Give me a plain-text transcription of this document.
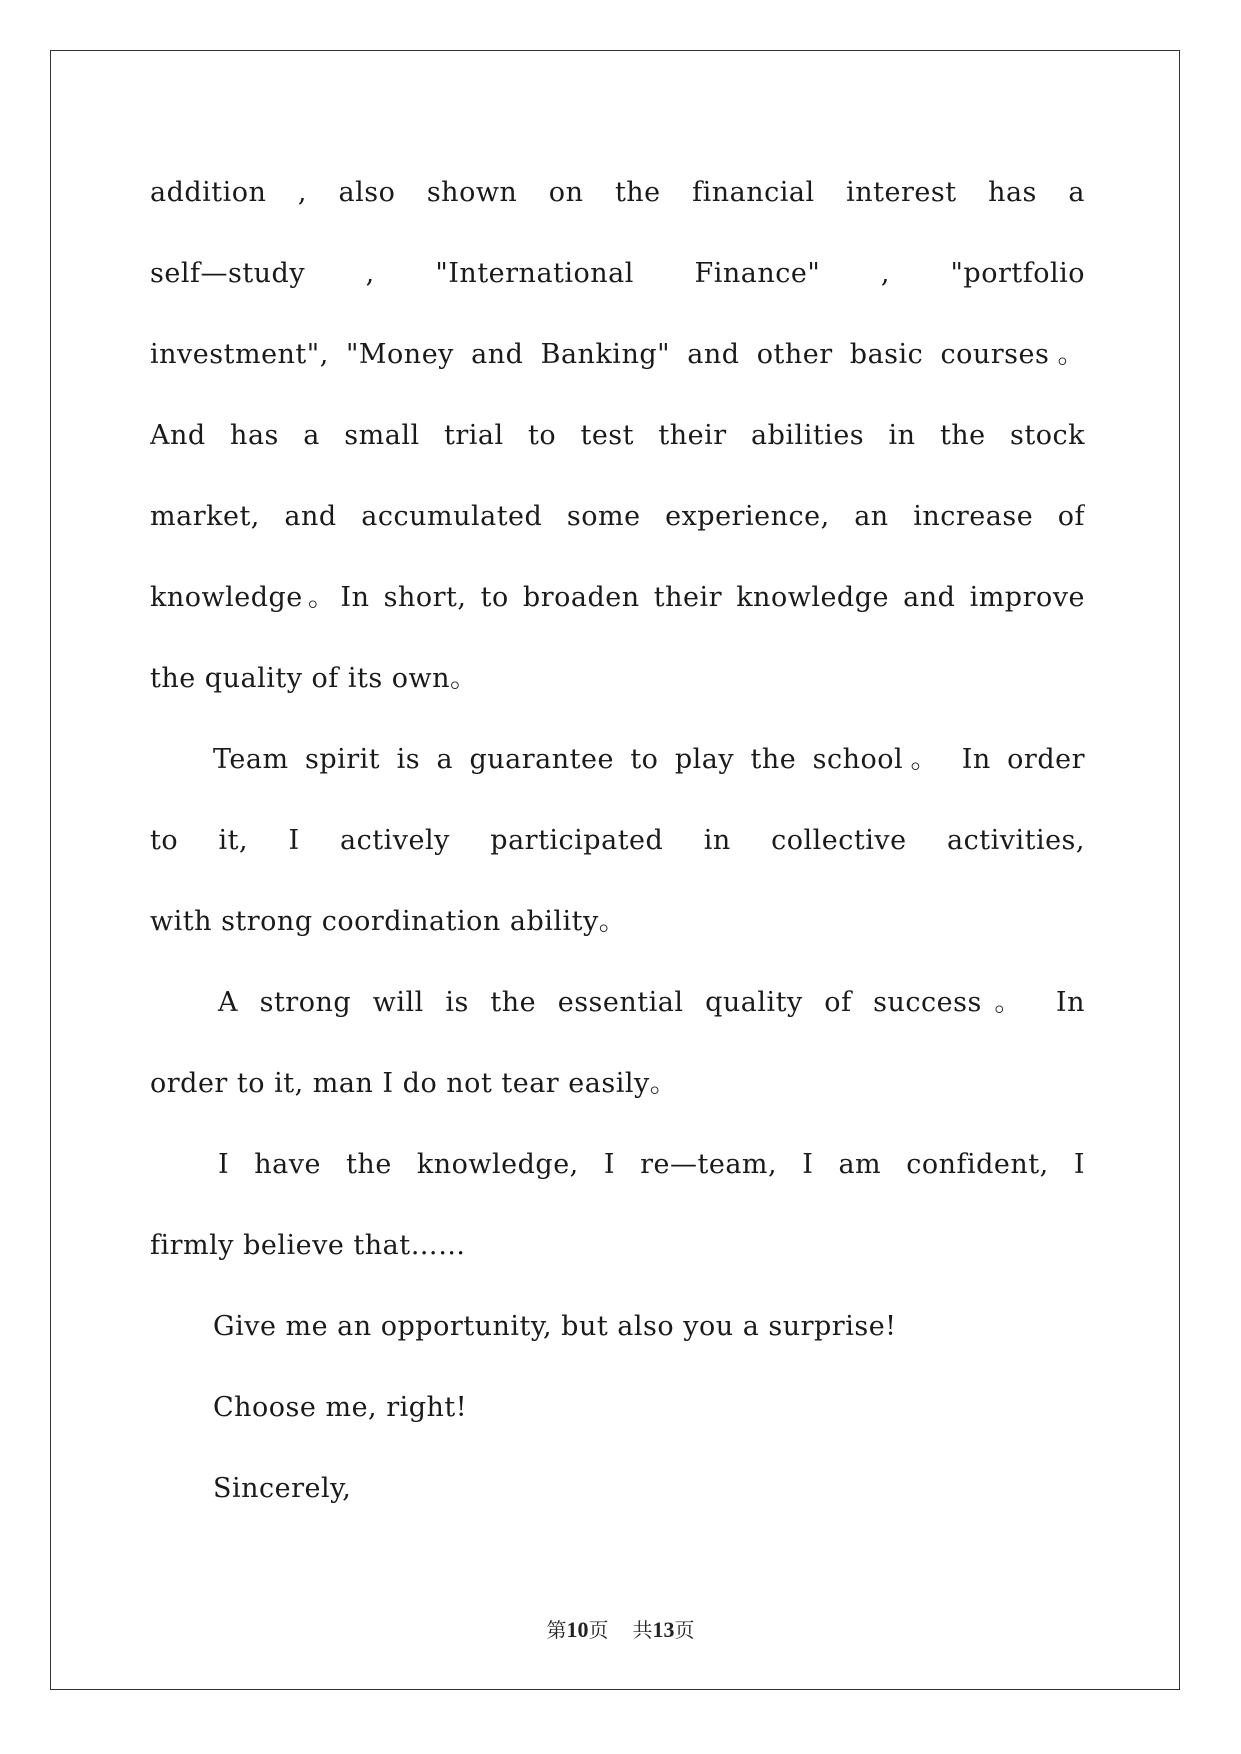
addition , also shown on the financial interest has a
self—study , "International Finance" , "portfolio
investment", "Money and Banking" and other basic courses。
And has a small trial to test their abilities in the stock
market, and accumulated some experience, an increase of
knowledge。In short, to broaden their knowledge and improve
the quality of its own。
Team spirit is a guarantee to play the school。 In order
to it, I actively participated in collective activities,
with strong coordination ability。
A strong will is the essential quality of success。 In
order to it, man I do not tear easily。
I have the knowledge, I re—team, I am confident, I
firmly believe that……
Give me an opportunity, but also you a surprise!
Choose me, right!
Sincerely,
第10页 共13页
